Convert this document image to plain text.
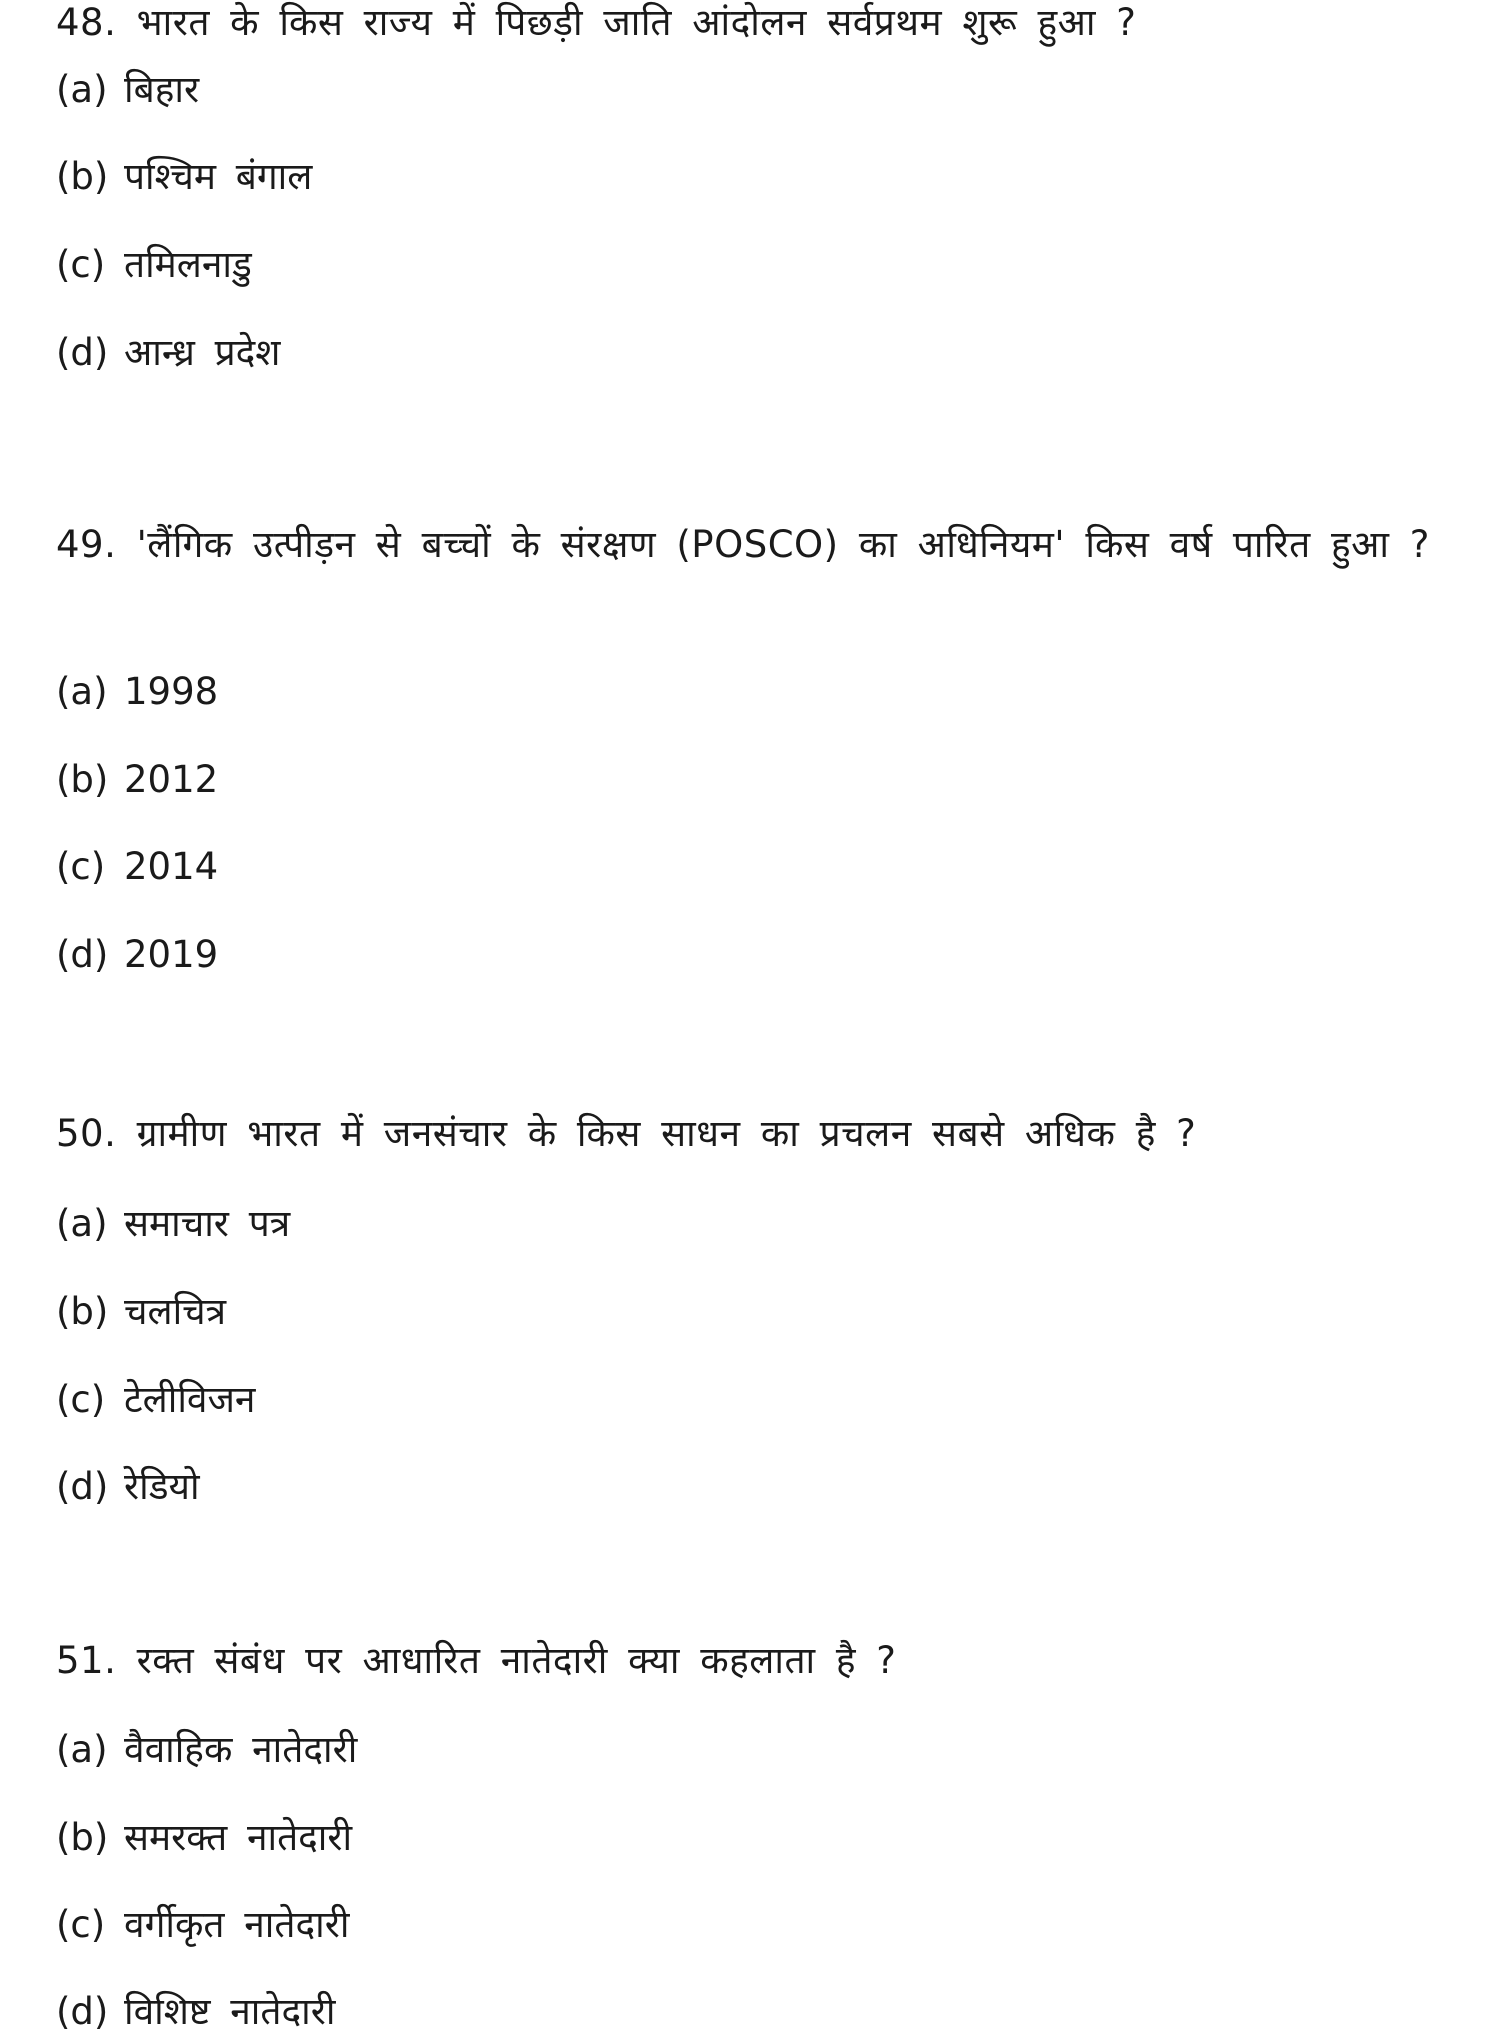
48. भारत के किस राज्य में पिछड़ी जाति आंदोलन सर्वप्रथम शुरू हुआ ?

(a) बिहार

(b) पश्चिम बंगाल

(c) तमिलनाडु

(d) आन्ध्र प्रदेश

49. 'लैंगिक उत्पीड़न से बच्चों के संरक्षण (POSCO) का अधिनियम' किस वर्ष पारित हुआ ?

(a) 1998

(b) 2012

(c) 2014

(d) 2019

50. ग्रामीण भारत में जनसंचार के किस साधन का प्रचलन सबसे अधिक है ?

(a) समाचार पत्र

(b) चलचित्र

(c) टेलीविजन

(d) रेडियो

51. रक्त संबंध पर आधारित नातेदारी क्या कहलाता है ?

(a) वैवाहिक नातेदारी

(b) समरक्त नातेदारी

(c) वर्गीकृत नातेदारी

(d) विशिष्ट नातेदारी
